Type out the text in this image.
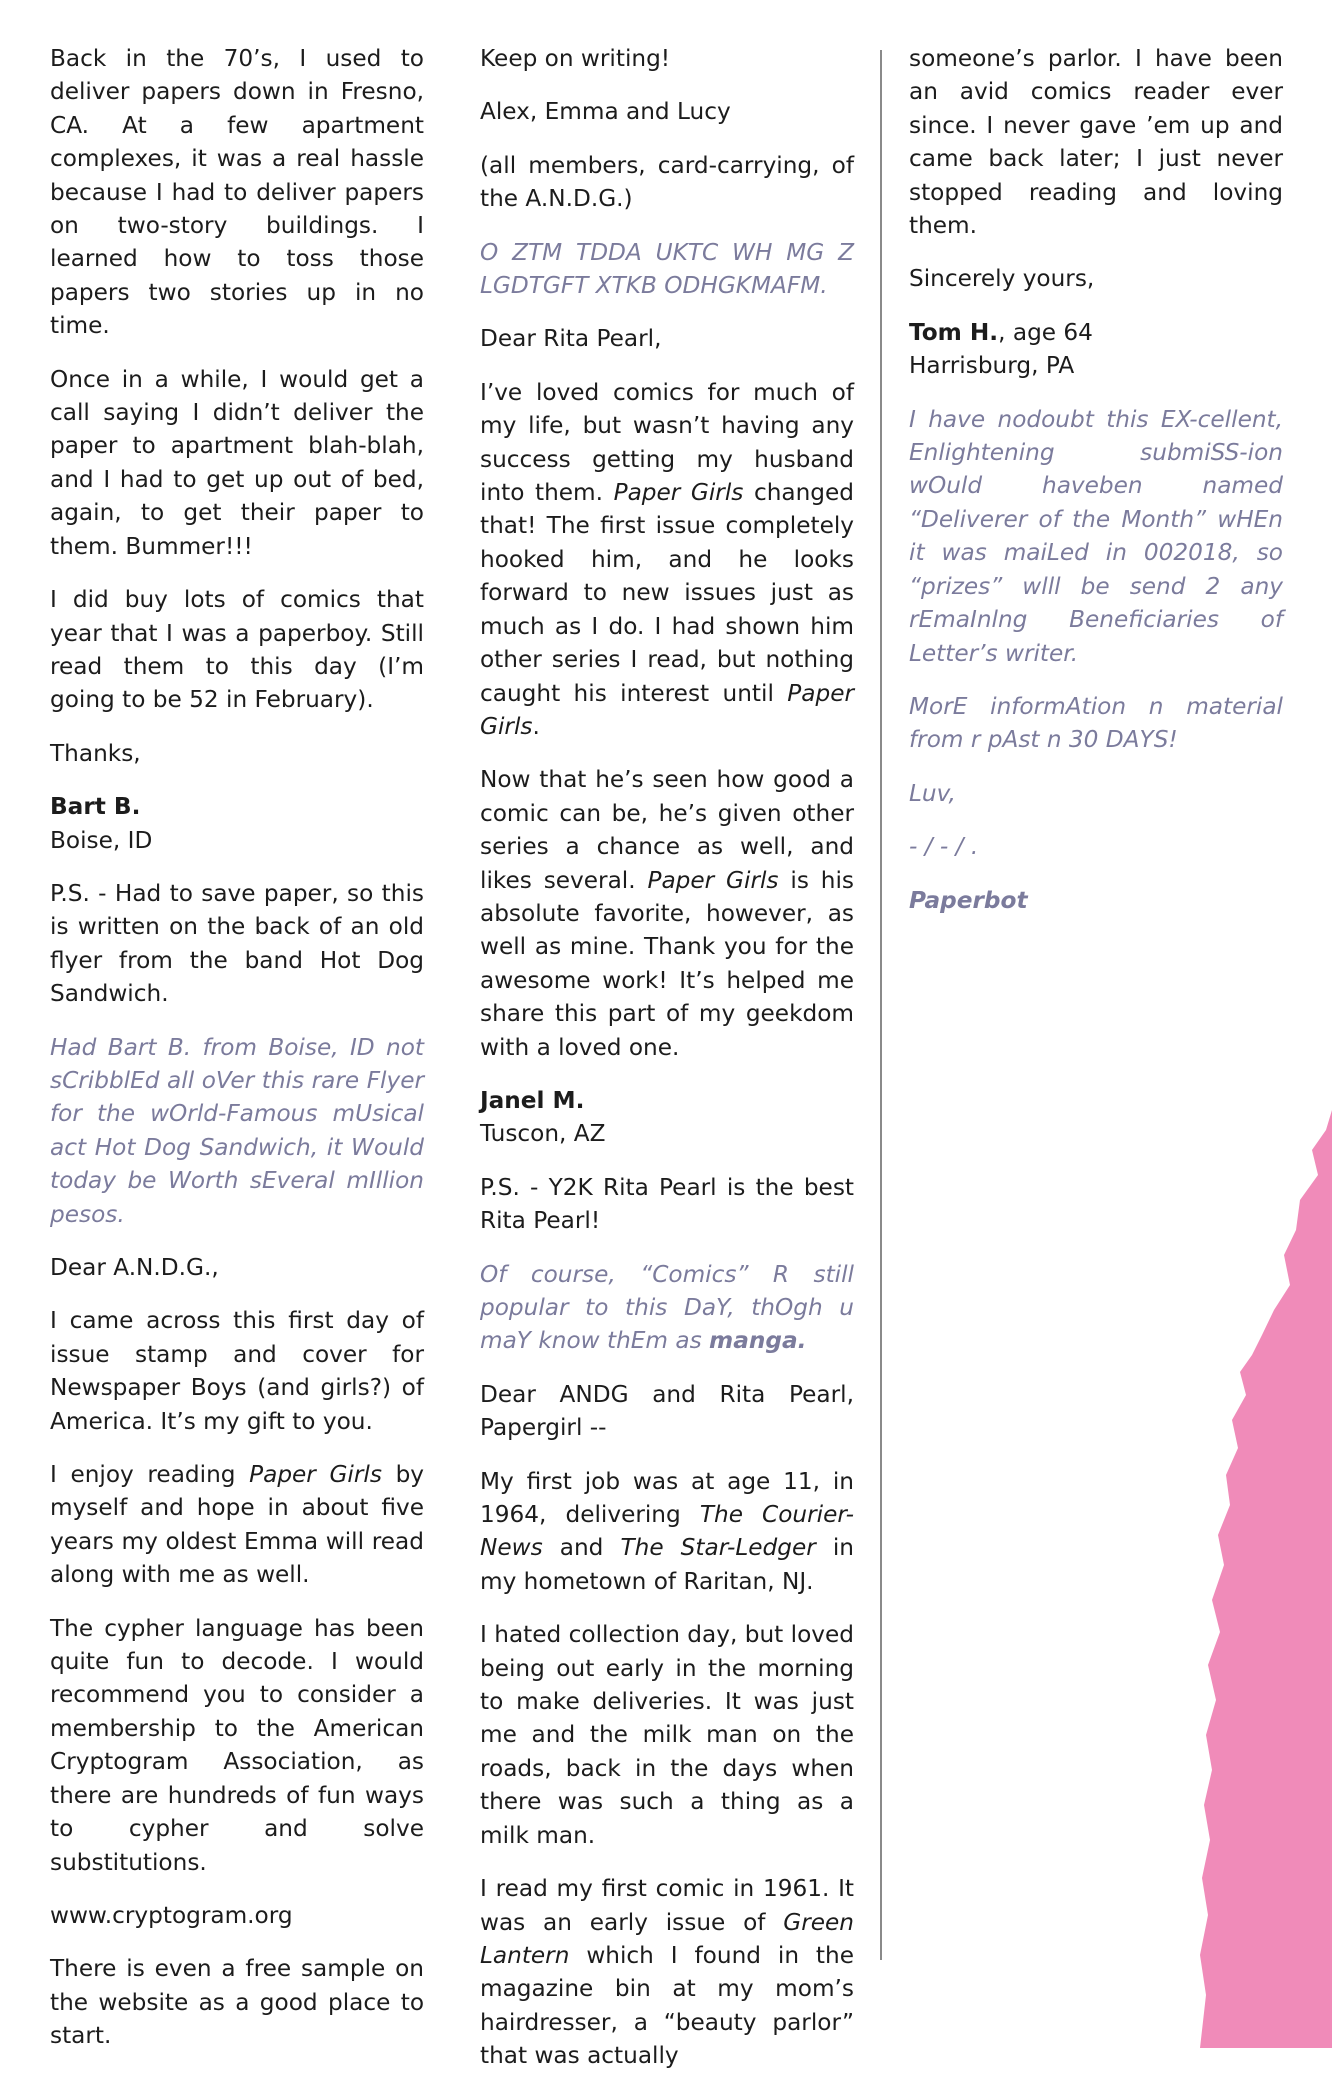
Back in the 70’s, I used to deliver papers down in Fresno, CA. At a few apartment complexes, it was a real hassle because I had to deliver papers on two-story buildings. I learned how to toss those papers two stories up in no time.

Once in a while, I would get a call saying I didn’t deliver the paper to apartment blah-blah, and I had to get up out of bed, again, to get their paper to them. Bummer!!!

I did buy lots of comics that year that I was a paperboy. Still read them to this day (I’m going to be 52 in February).

Thanks,

Bart B.

Boise, ID

P.S. - Had to save paper, so this is written on the back of an old flyer from the band Hot Dog Sandwich.

Had Bart B. from Boise, ID not sCribblEd all oVer this rare Flyer for the wOrld-Famous mUsical act Hot Dog Sandwich, it Would today be Worth sEveral mIllion pesos.

Dear A.N.D.G.,

I came across this first day of issue stamp and cover for Newspaper Boys (and girls?) of America. It’s my gift to you.

I enjoy reading Paper Girls by myself and hope in about five years my oldest Emma will read along with me as well.

The cypher language has been quite fun to decode. I would recommend you to consider a membership to the American Cryptogram Association, as there are hundreds of fun ways to cypher and solve substitutions.

www.cryptogram.org

There is even a free sample on the website as a good place to start.

Keep on writing!

Alex, Emma and Lucy

(all members, card-carrying, of the A.N.D.G.)

O ZTM TDDA UKTC WH MG Z LGDTGFT XTKB ODHGKMAFM.

Dear Rita Pearl,

I’ve loved comics for much of my life, but wasn’t having any success getting my husband into them. Paper Girls changed that! The first issue completely hooked him, and he looks forward to new issues just as much as I do. I had shown him other series I read, but nothing caught his interest until Paper Girls.

Now that he’s seen how good a comic can be, he’s given other series a chance as well, and likes several. Paper Girls is his absolute favorite, however, as well as mine. Thank you for the awesome work! It’s helped me share this part of my geekdom with a loved one.

Janel M.

Tuscon, AZ

P.S. - Y2K Rita Pearl is the best Rita Pearl!

Of course, “Comics” R still popular to this DaY, thOgh u maY know thEm as manga.

Dear ANDG and Rita Pearl, Papergirl --

My first job was at age 11, in 1964, delivering The Courier-News and The Star-Ledger in my hometown of Raritan, NJ.

I hated collection day, but loved being out early in the morning to make deliveries. It was just me and the milk man on the roads, back in the days when there was such a thing as a milk man.

I read my first comic in 1961. It was an early issue of Green Lantern which I found in the magazine bin at my mom’s hairdresser, a “beauty parlor” that was actually

someone’s parlor. I have been an avid comics reader ever since. I never gave ’em up and came back later; I just never stopped reading and loving them.

Sincerely yours,

Tom H., age 64

Harrisburg, PA

I have nodoubt this EX-cellent, Enlightening submiSS-ion wOuld haveben named “Deliverer of the Month” wHEn it was maiLed in 002018, so “prizes” wlll be send 2 any rEmaInlng Beneficiaries of Letter’s writer.

MorE informAtion n material from r pAst n 30 DAYS!

Luv,

- / - / .

Paperbot
